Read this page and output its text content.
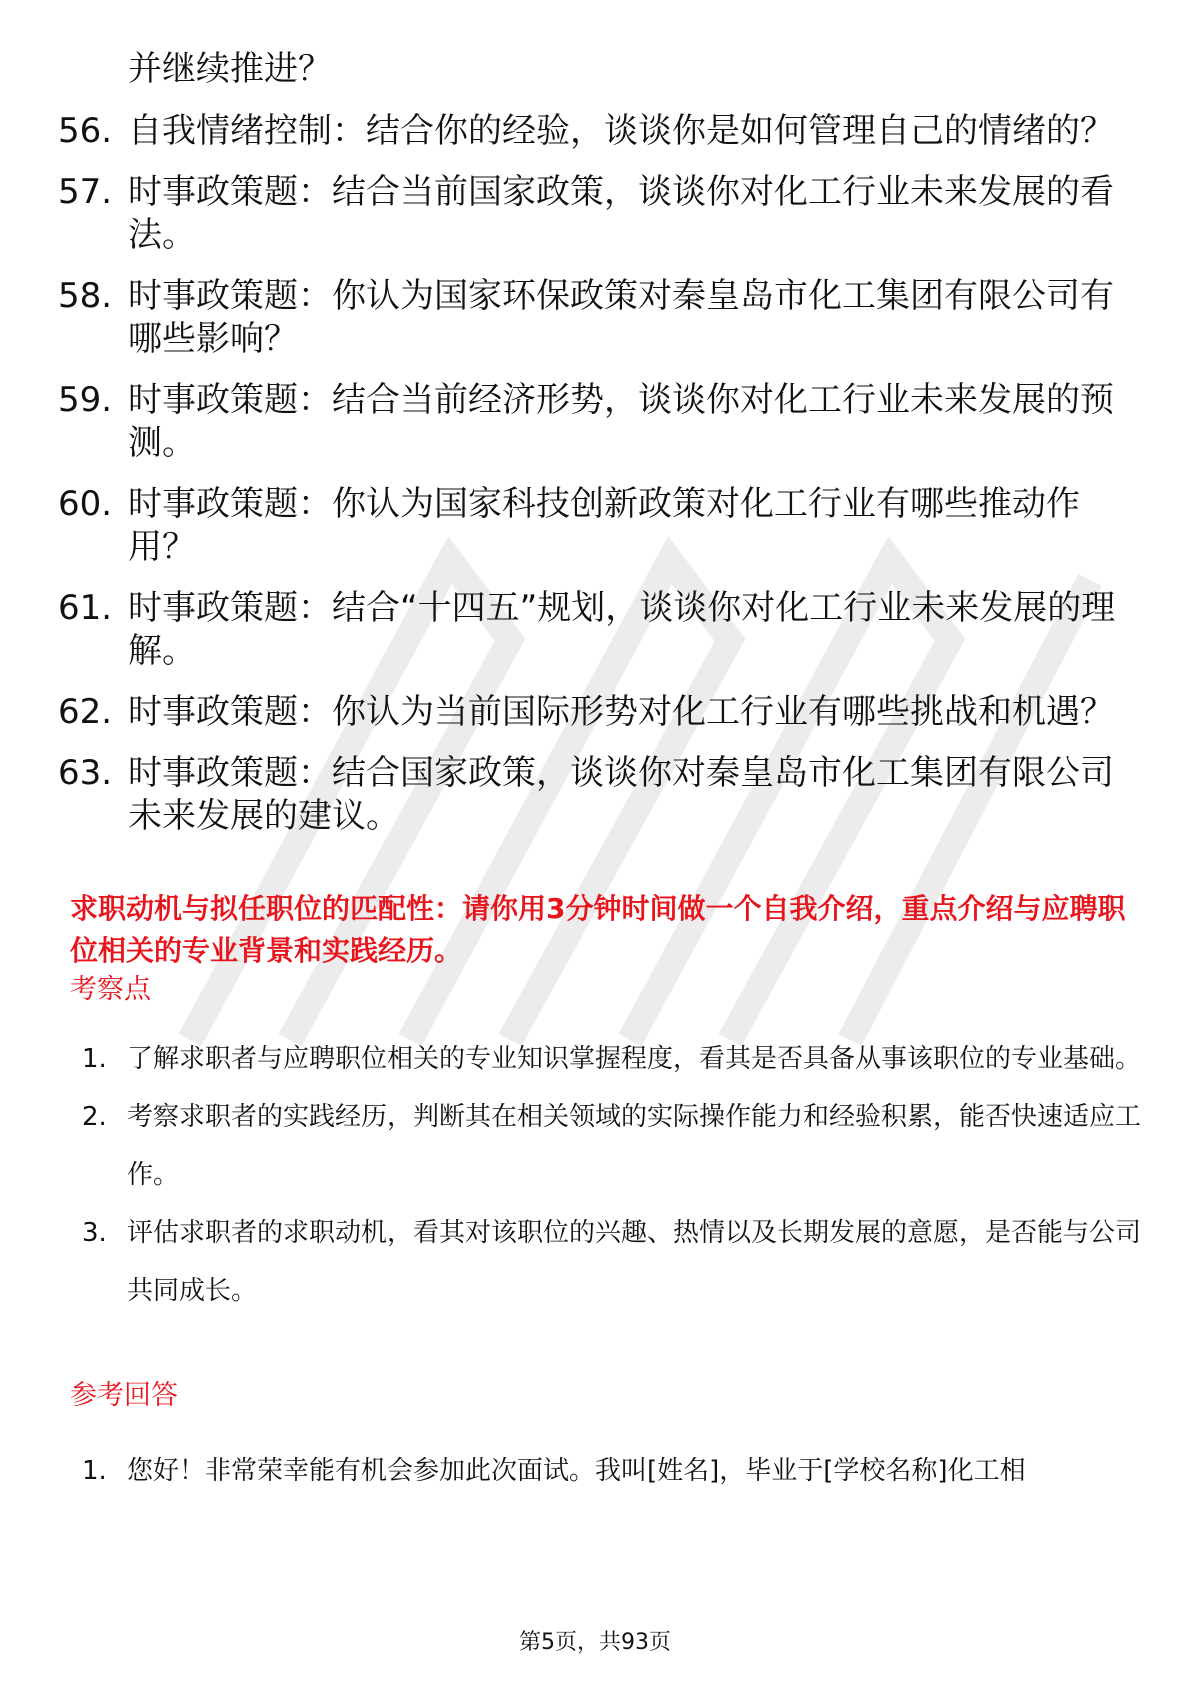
并继续推进？
56. 自我情绪控制：结合你的经验，谈谈你是如何管理自己的情绪的？
57. 时事政策题：结合当前国家政策，谈谈你对化工行业未来发展的看法。
58. 时事政策题：你认为国家环保政策对秦皇岛市化工集团有限公司有哪些影响？
59. 时事政策题：结合当前经济形势，谈谈你对化工行业未来发展的预测。
60. 时事政策题：你认为国家科技创新政策对化工行业有哪些推动作用？
61. 时事政策题：结合“十四五”规划，谈谈你对化工行业未来发展的理解。
62. 时事政策题：你认为当前国际形势对化工行业有哪些挑战和机遇？
63. 时事政策题：结合国家政策，谈谈你对秦皇岛市化工集团有限公司未来发展的建议。
求职动机与拟任职位的匹配性：请你用3分钟时间做一个自我介绍，重点介绍与应聘职位相关的专业背景和实践经历。
考察点
1. 了解求职者与应聘职位相关的专业知识掌握程度，看其是否具备从事该职位的专业基础。
2. 考察求职者的实践经历，判断其在相关领域的实际操作能力和经验积累，能否快速适应工作。
3. 评估求职者的求职动机，看其对该职位的兴趣、热情以及长期发展的意愿，是否能与公司共同成长。
参考回答
1. 您好！非常荣幸能有机会参加此次面试。我叫[姓名]，毕业于[学校名称]化工相
第5页，共93页
